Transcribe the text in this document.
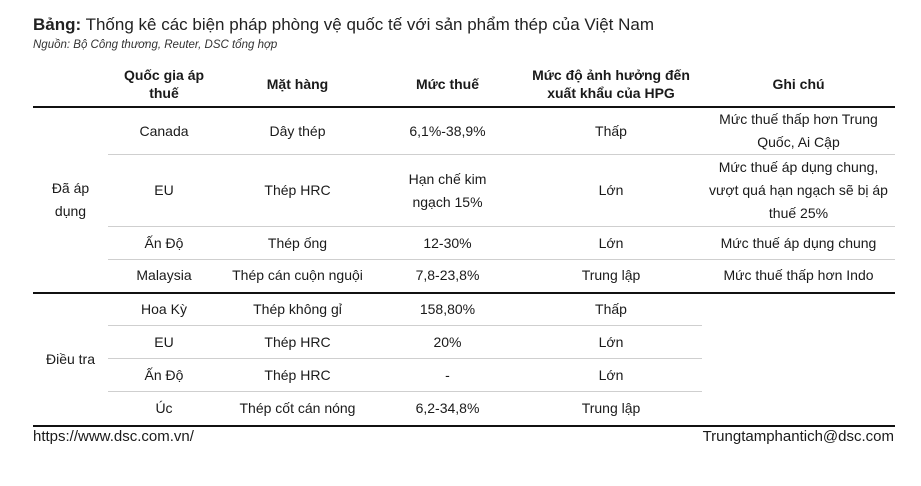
Bảng: Thống kê các biện pháp phòng vệ quốc tế với sản phẩm thép của Việt Nam
Nguồn: Bộ Công thương, Reuter, DSC tổng hợp
	Quốc gia áp thuế	Mặt hàng	Mức thuế	Mức độ ảnh hưởng đến xuất khẩu của HPG	Ghi chú
Đã áp dụng	Canada	Dây thép	6,1%-38,9%	Thấp	Mức thuế thấp hơn Trung Quốc, Ai Cập
	EU	Thép HRC	Hạn chế kim ngạch 15%	Lớn	Mức thuế áp dụng chung, vượt quá hạn ngạch sẽ bị áp thuế 25%
	Ấn Độ	Thép ống	12-30%	Lớn	Mức thuế áp dụng chung
	Malaysia	Thép cán cuộn nguội	7,8-23,8%	Trung lập	Mức thuế thấp hơn Indo
Điều tra	Hoa Kỳ	Thép không gỉ	158,80%	Thấp	
	EU	Thép HRC	20%	Lớn	
	Ấn Độ	Thép HRC	-	Lớn	
	Úc	Thép cốt cán nóng	6,2-34,8%	Trung lập	
https://www.dsc.com.vn/	Trungtamphantich@dsc.com
